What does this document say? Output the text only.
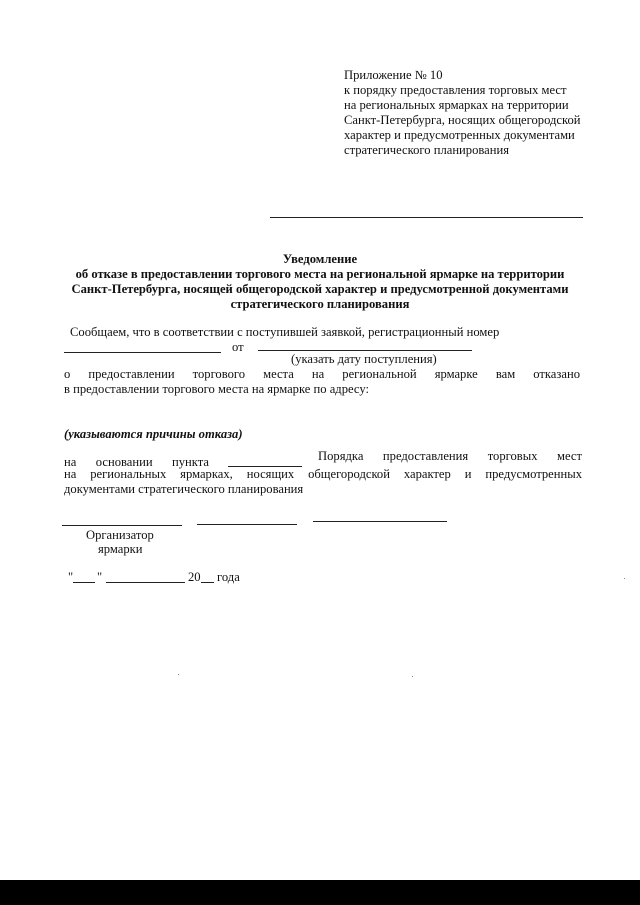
Приложение № 10
к порядку предоставления торговых мест
на региональных ярмарках на территории
Санкт-Петербурга, носящих общегородской
характер и предусмотренных документами
стратегического планирования
Уведомление
об отказе в предоставлении торгового места на региональной ярмарке на территории
Санкт-Петербурга, носящей общегородской характер и предусмотренной документами
стратегического планирования
Сообщаем, что в соответствии с поступившей заявкой, регистрационный номер
от
(указать дату поступления)
о предоставлении торгового места на региональной ярмарке вам отказано
в предоставлении торгового места на ярмарке по адресу:
(указываются причины отказа)
на основании пункта	Порядка предоставления торговых мест
на региональных ярмарках, носящих общегородской характер и предусмотренных
документами стратегического планирования
Организатор
ярмарки
" "	20 года
